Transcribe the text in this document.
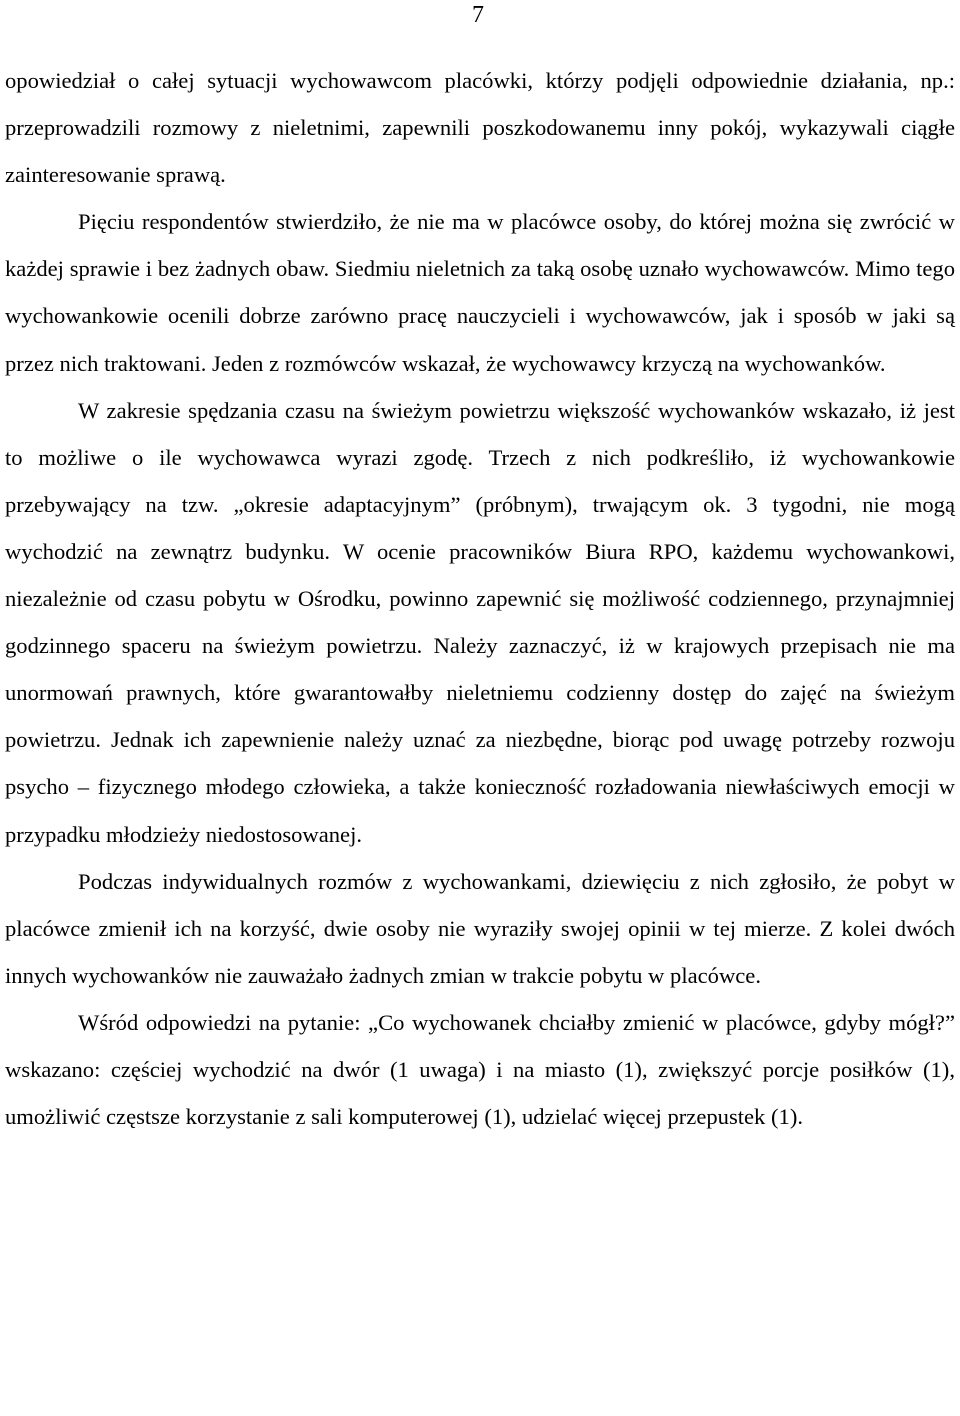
7

opowiedział o całej sytuacji wychowawcom placówki, którzy podjęli odpowiednie działania, np.: przeprowadzili rozmowy z nieletnimi, zapewnili poszkodowanemu inny pokój, wykazywali ciągłe zainteresowanie sprawą.

Pięciu respondentów stwierdziło, że nie ma w placówce osoby, do której można się zwrócić w każdej sprawie i bez żadnych obaw. Siedmiu nieletnich za taką osobę uznało wychowawców. Mimo tego wychowankowie ocenili dobrze zarówno pracę nauczycieli i wychowawców, jak i sposób w jaki są przez nich traktowani. Jeden z rozmówców wskazał, że wychowawcy krzyczą na wychowanków.

W zakresie spędzania czasu na świeżym powietrzu większość wychowanków wskazało, iż jest to możliwe o ile wychowawca wyrazi zgodę. Trzech z nich podkreśliło, iż wychowankowie przebywający na tzw. „okresie adaptacyjnym” (próbnym), trwającym ok. 3 tygodni, nie mogą wychodzić na zewnątrz budynku. W ocenie pracowników Biura RPO, każdemu wychowankowi, niezależnie od czasu pobytu w Ośrodku, powinno zapewnić się możliwość codziennego, przynajmniej godzinnego spaceru na świeżym powietrzu. Należy zaznaczyć, iż w krajowych przepisach nie ma unormowań prawnych, które gwarantowałby nieletniemu codzienny dostęp do zajęć na świeżym powietrzu. Jednak ich zapewnienie należy uznać za niezbędne, biorąc pod uwagę potrzeby rozwoju psycho – fizycznego młodego człowieka, a także konieczność rozładowania niewłaściwych emocji w przypadku młodzieży niedostosowanej.

Podczas indywidualnych rozmów z wychowankami, dziewięciu z nich zgłosiło, że pobyt w placówce zmienił ich na korzyść, dwie osoby nie wyraziły swojej opinii w tej mierze. Z kolei dwóch innych wychowanków nie zauważało żadnych zmian w trakcie pobytu w placówce.

Wśród odpowiedzi na pytanie: „Co wychowanek chciałby zmienić w placówce, gdyby mógł?” wskazano: częściej wychodzić na dwór (1 uwaga) i na miasto (1), zwiększyć porcje posiłków (1), umożliwić częstsze korzystanie z sali komputerowej (1), udzielać więcej przepustek (1).
